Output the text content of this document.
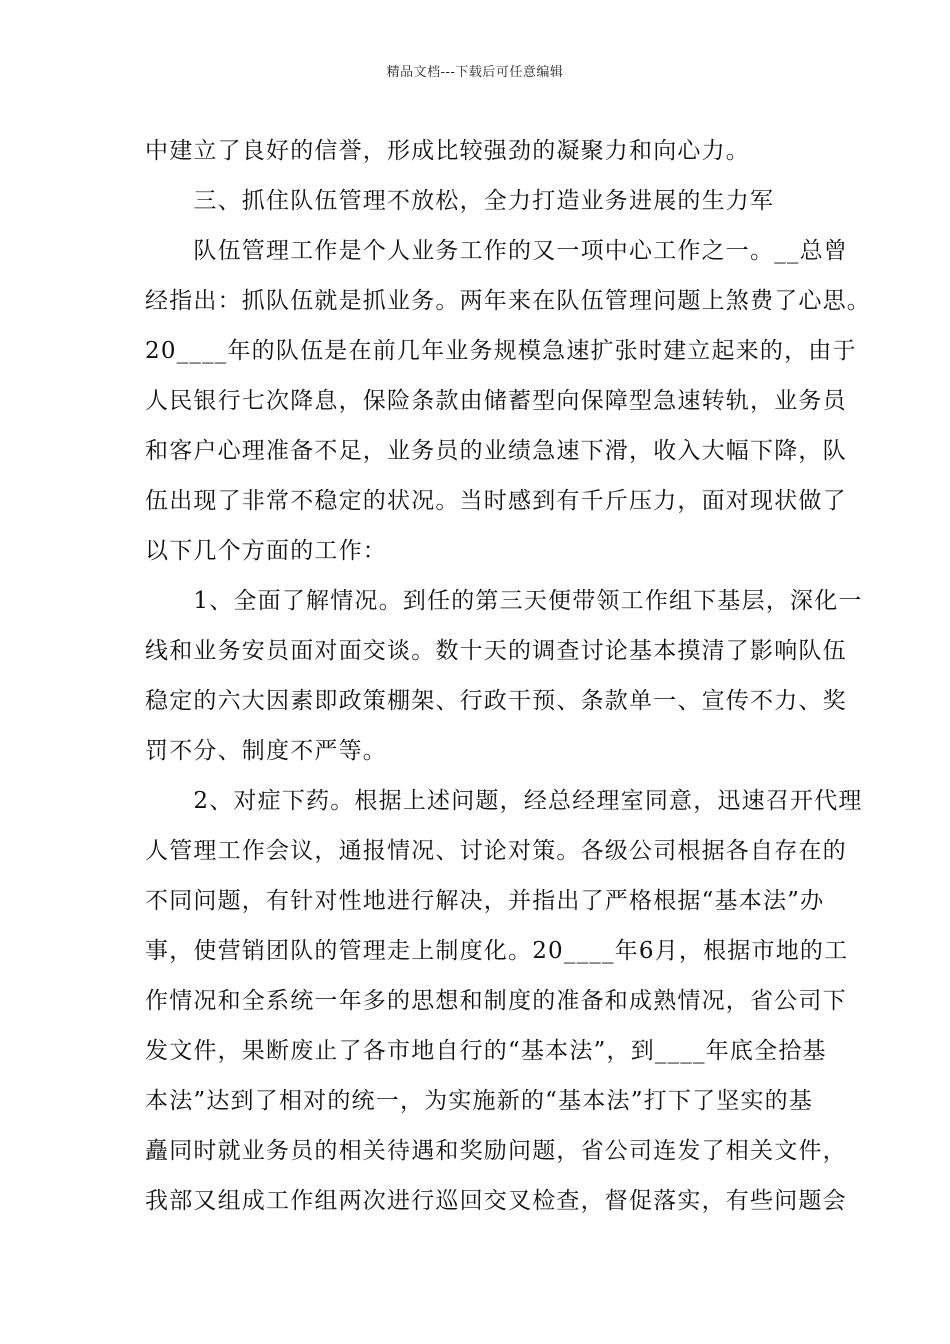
精品文档---下载后可任意编辑
中建立了良好的信誉，形成比较强劲的凝聚力和向心力。
　　三、抓住队伍管理不放松，全力打造业务进展的生力军
　　队伍管理工作是个人业务工作的又一项中心工作之一。__总曾
经指出：抓队伍就是抓业务。两年来在队伍管理问题上煞费了心思。
20____年的队伍是在前几年业务规模急速扩张时建立起来的，由于
人民银行七次降息，保险条款由储蓄型向保障型急速转轨，业务员
和客户心理准备不足，业务员的业绩急速下滑，收入大幅下降，队
伍出现了非常不稳定的状况。当时感到有千斤压力，面对现状做了
以下几个方面的工作：
　　1、全面了解情况。到任的第三天便带领工作组下基层，深化一
线和业务安员面对面交谈。数十天的调查讨论基本摸清了影响队伍
稳定的六大因素即政策棚架、行政干预、条款单一、宣传不力、奖
罚不分、制度不严等。
　　2、对症下药。根据上述问题，经总经理室同意，迅速召开代理
人管理工作会议，通报情况、讨论对策。各级公司根据各自存在的
不同问题，有针对性地进行解决，并指出了严格根据“基本法”办
事，使营销团队的管理走上制度化。20____年6月，根据市地的工
作情况和全系统一年多的思想和制度的准备和成熟情况，省公司下
发文件，果断废止了各市地自行的“基本法”，到____年底全拾基
本法”达到了相对的统一，为实施新的“基本法”打下了坚实的基
矗同时就业务员的相关待遇和奖励问题，省公司连发了相关文件，
我部又组成工作组两次进行巡回交叉检查，督促落实，有些问题会
